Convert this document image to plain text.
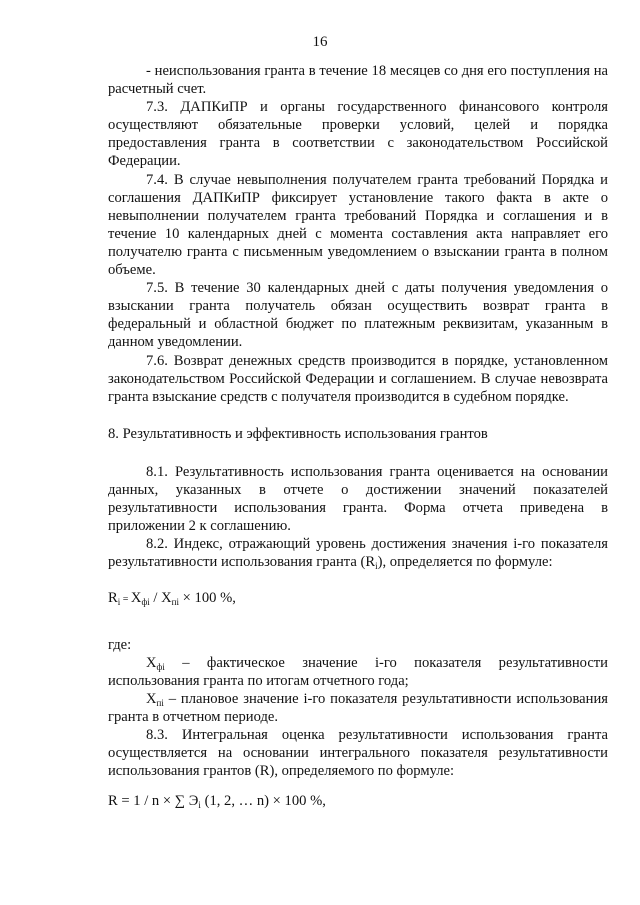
16

- неиспользования гранта в течение 18 месяцев со дня его поступления на расчетный счет.

7.3. ДАПКиПР и органы государственного финансового контроля осуществляют обязательные проверки условий, целей и порядка предоставления гранта в соответствии с законодательством Российской Федерации.

7.4. В случае невыполнения получателем гранта требований Порядка и соглашения ДАПКиПР фиксирует установление такого факта в акте о невыполнении получателем гранта требований Порядка и соглашения и в течение 10 календарных дней с момента составления акта направляет его получателю гранта с письменным уведомлением о взыскании гранта в полном объеме.

7.5. В течение 30 календарных дней с даты получения уведомления о взыскании гранта получатель обязан осуществить возврат гранта в федеральный и областной бюджет по платежным реквизитам, указанным в данном уведомлении.

7.6. Возврат денежных средств производится в порядке, установленном законодательством Российской Федерации и соглашением. В случае невозврата гранта взыскание средств с получателя производится в судебном порядке.

8. Результативность и эффективность использования грантов

8.1. Результативность использования гранта оценивается на основании данных, указанных в отчете о достижении значений показателей результативности использования гранта. Форма отчета приведена в приложении 2 к соглашению.

8.2. Индекс, отражающий уровень достижения значения i-го показателя результативности использования гранта $(R_i)$, определяется по формуле:

$R_i = X_{фi} / X_{пi} \times 100$ %,

где:

$X_{фi}$ – фактическое значение i-го показателя результативности использования гранта по итогам отчетного года;

$X_{пi}$ – плановое значение i-го показателя результативности использования гранта в отчетном периоде.

8.3. Интегральная оценка результативности использования гранта осуществляется на основании интегрального показателя результативности использования грантов (R), определяемого по формуле:

R = 1 / n × ∑ $Э_i$ (1, 2, … n) × 100 %,
